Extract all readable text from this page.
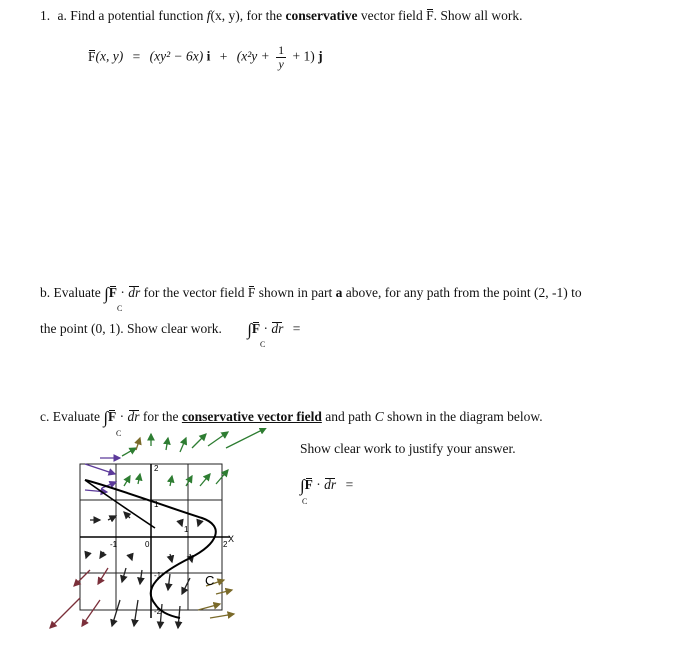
1. a. Find a potential function f(x, y), for the conservative vector field F. Show all work.
F(x, y) = (xy² − 6x) $i + (x^2y + \frac{1}{y} + 1)$ j
b. Evaluate ∫F · dr for the vector field F shown in part a above, for any path from the point (2, -1) to
C
the point (0, 1). Show clear work. ∫F · dr =
C
c. Evaluate ∫F · dr for the conservative vector field and path C shown in the diagram below.
C
Show clear work to justify your answer.
∫F · dr =
C
2
1
-1
-2
-1	0
1
2
X
C
